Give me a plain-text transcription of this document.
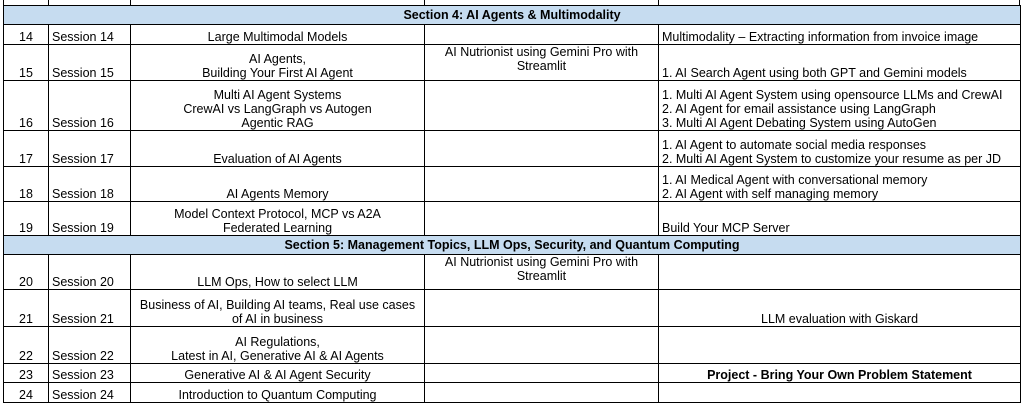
Section 4: AI Agents & Multimodality				
14	Session 14	Large Multimodal Models		Multimodality – Extracting information from invoice image

15	Session 15	AI Agents,
Building Your First AI Agent	AI Nutrionist using Gemini Pro with
Streamlit	1. AI Search Agent using both GPT and Gemini models

16	Session 16	Multi AI Agent Systems
CrewAI vs LangGraph vs Autogen
Agentic RAG		1. Multi AI Agent System using opensource LLMs and CrewAI
2. AI Agent for email assistance using LangGraph
3. Multi AI Agent Debating System using AutoGen

17	Session 17	Evaluation of AI Agents		1. AI Agent to automate social media responses
2. Multi AI Agent System to customize your resume as per JD

18	Session 18	AI Agents Memory		1. AI Medical Agent with conversational memory
2. AI Agent with self managing memory

19	Session 19	Model Context Protocol, MCP vs A2A
Federated Learning		Build Your MCP Server

Section 5: Management Topics, LLM Ops, Security, and Quantum Computing				
20	Session 20	LLM Ops, How to select LLM	AI Nutrionist using Gemini Pro with
Streamlit	

21	Session 21	Business of AI, Building AI teams, Real use cases
of AI in business		LLM evaluation with Giskard

22	Session 22	AI Regulations,
Latest in AI, Generative AI & AI Agents		

23	Session 23	Generative AI & AI Agent Security		Project - Bring Your Own Problem Statement

24	Session 24	Introduction to Quantum Computing		
